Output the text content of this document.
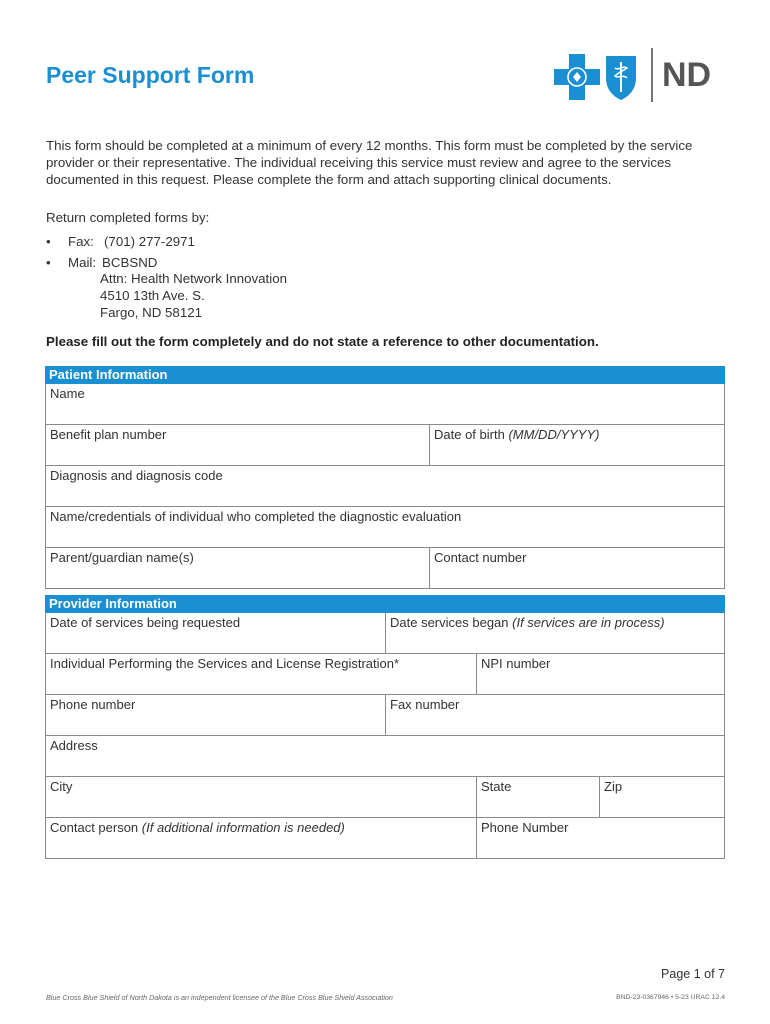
Peer Support Form	ND

This form should be completed at a minimum of every 12 months. This form must be completed by the service provider or their representative. The individual receiving this service must review and agree to the services documented in this request. Please complete the form and attach supporting clinical documents.

Return completed forms by:
•	Fax: (701) 277-2971
•	Mail: BCBSND
Attn: Health Network Innovation
4510 13th Ave. S.
Fargo, ND 58121
Please fill out the form completely and do not state a reference to other documentation.
Patient Information
Name
Benefit plan number	Date of birth (MM/DD/YYYY)
Diagnosis and diagnosis code
Name/credentials of individual who completed the diagnostic evaluation
Parent/guardian name(s)	Contact number
Provider Information
Date of services being requested	Date services began (If services are in process)
Individual Performing the Services and License Registration*	NPI number
Phone number	Fax number
Address
City	State	Zip
Contact person (If additional information is needed)	Phone Number
Page 1 of 7
Blue Cross Blue Shield of North Dakota is an independent licensee of the Blue Cross Blue Shield Association	BND-23-0367946 • 5-23 URAC 12.4
